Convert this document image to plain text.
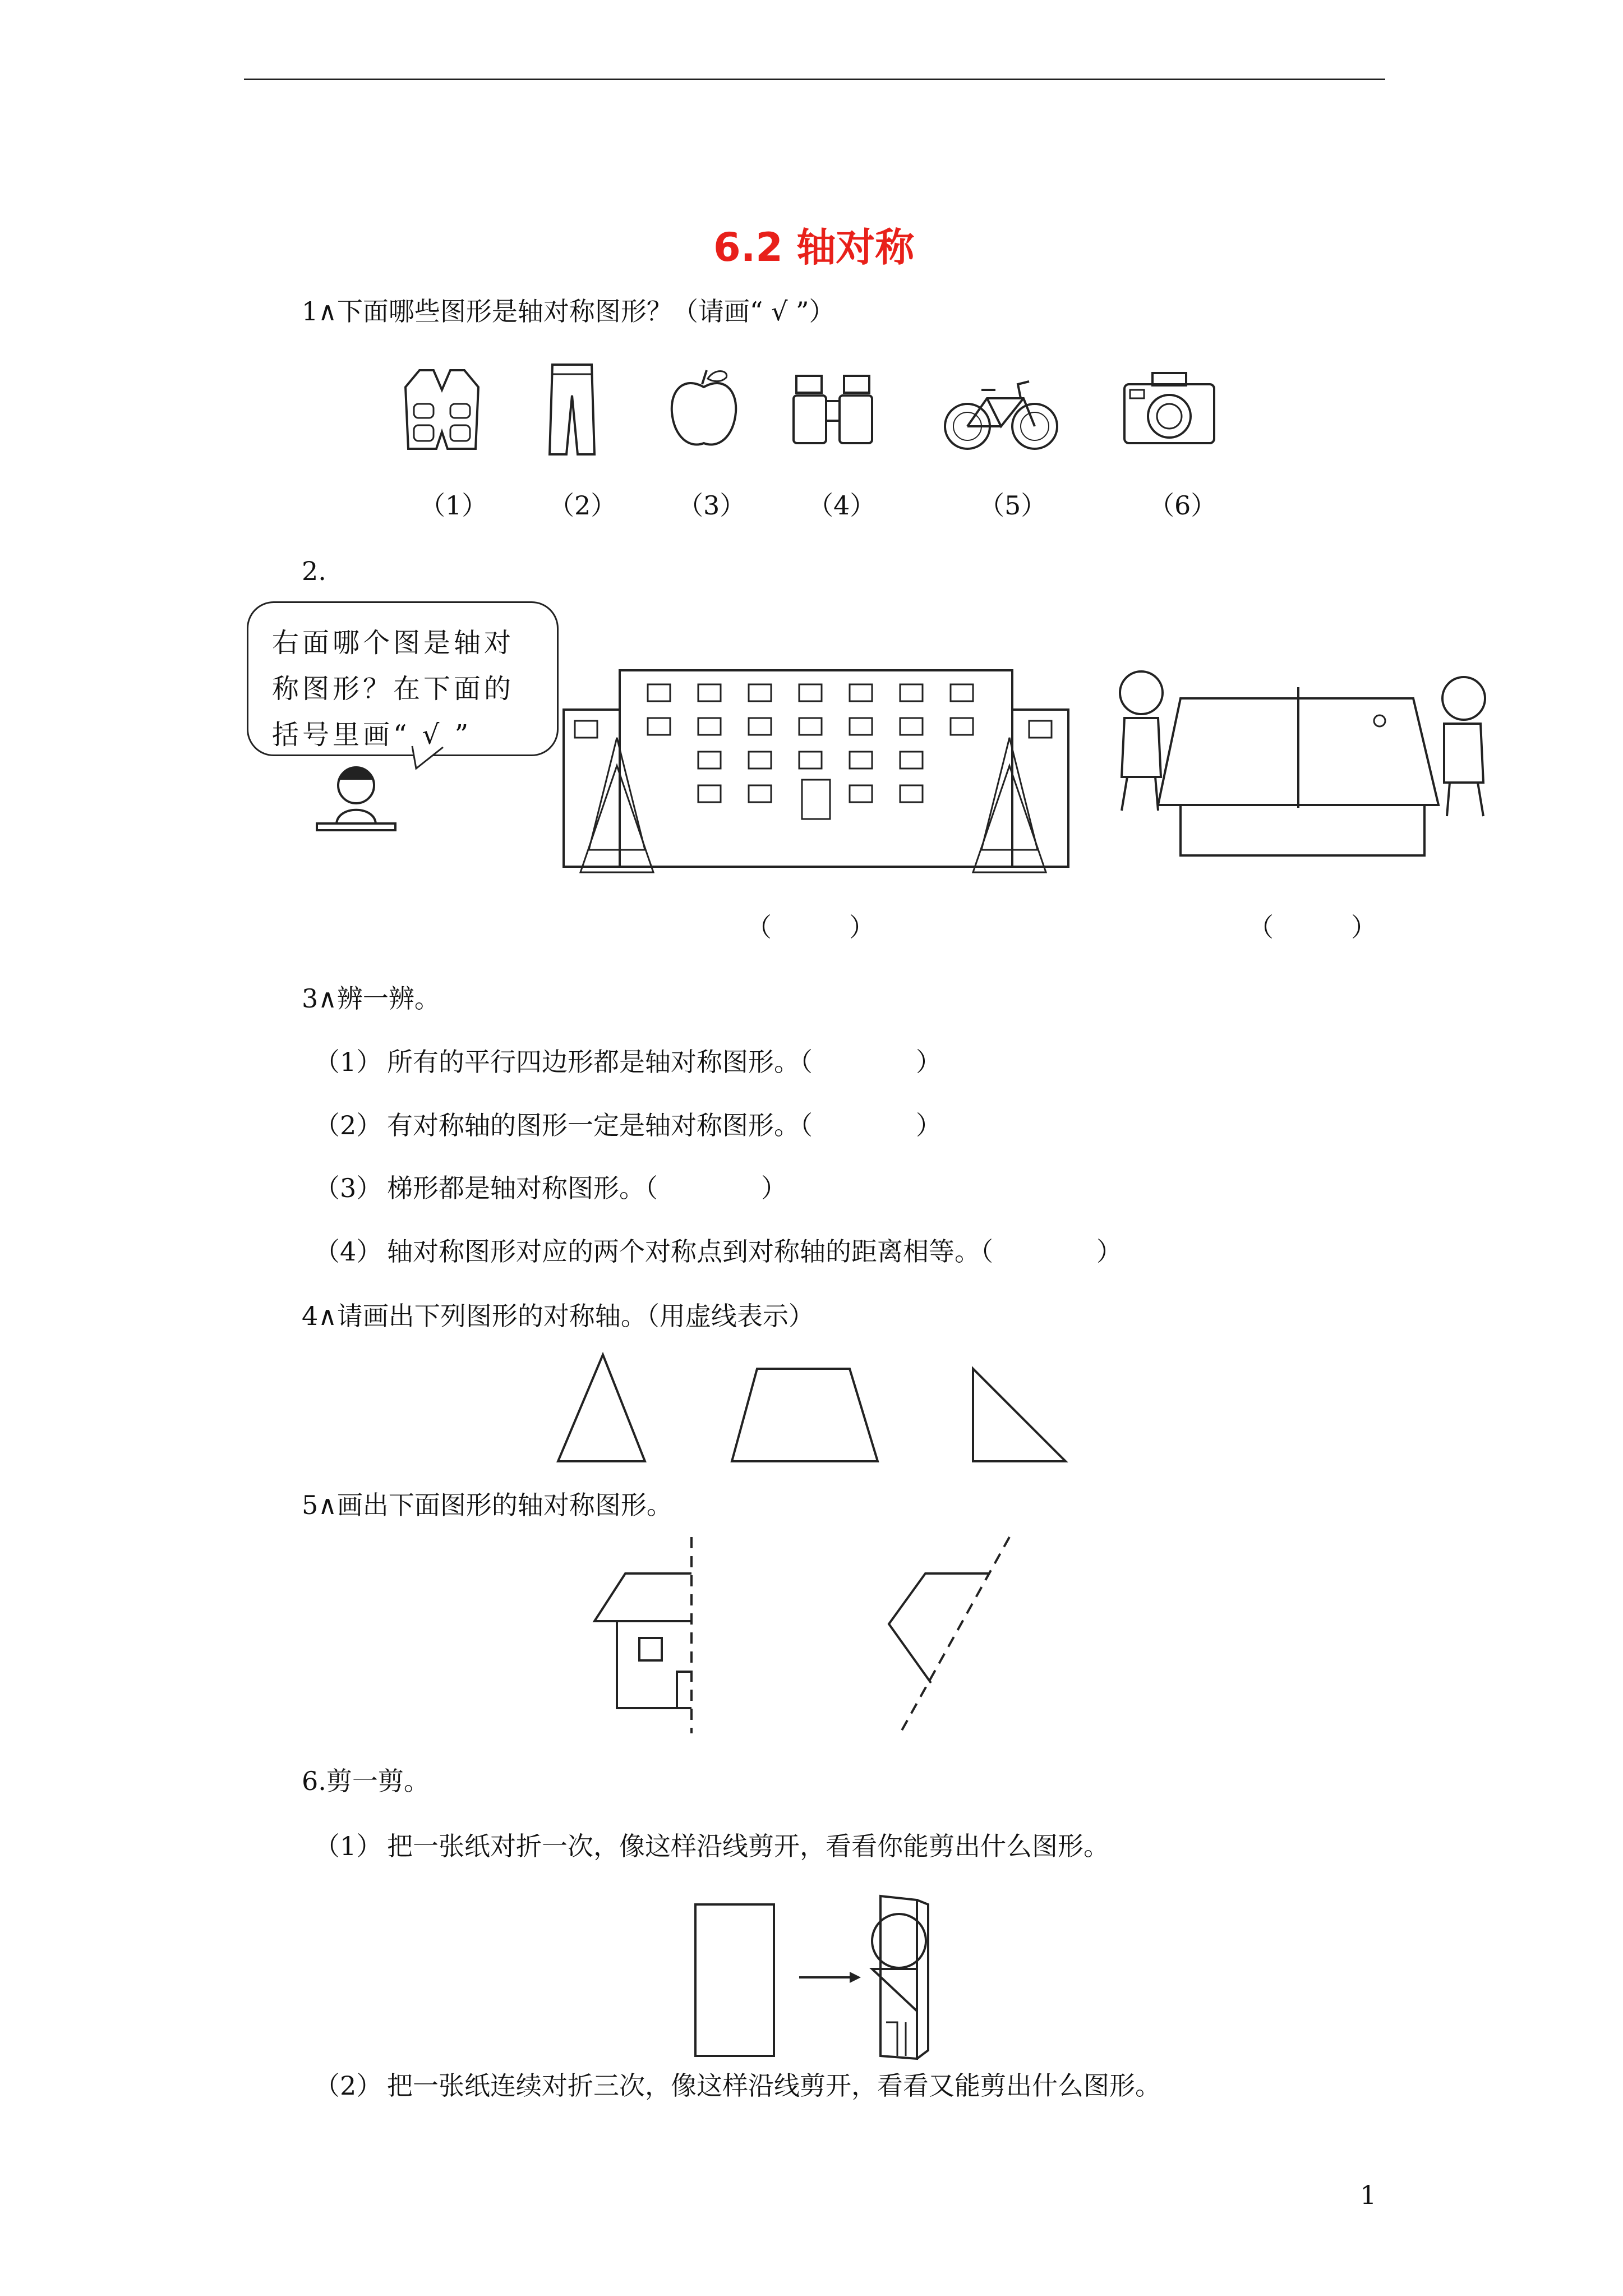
6.2 轴对称
1∧下面哪些图形是轴对称图形？（请画“ √ ”）
（1） （2） （3） （4）	（5）	（6）
2.
右面哪个图是轴对称图形？在下面的括号里画“ √ ”
（　　　）	（　　　）
3∧辨一辨。
（1） 所有的平行四边形都是轴对称图形。（　　　　）
（2） 有对称轴的图形一定是轴对称图形。（　　　　）
（3） 梯形都是轴对称图形。（　　　　）
（4） 轴对称图形对应的两个对称点到对称轴的距离相等。（　　　　）
4∧请画出下列图形的对称轴。（用虚线表示）
5∧画出下面图形的轴对称图形。
6.剪一剪。
（1） 把一张纸对折一次，像这样沿线剪开，看看你能剪出什么图形。
（2） 把一张纸连续对折三次，像这样沿线剪开，看看又能剪出什么图形。
1
